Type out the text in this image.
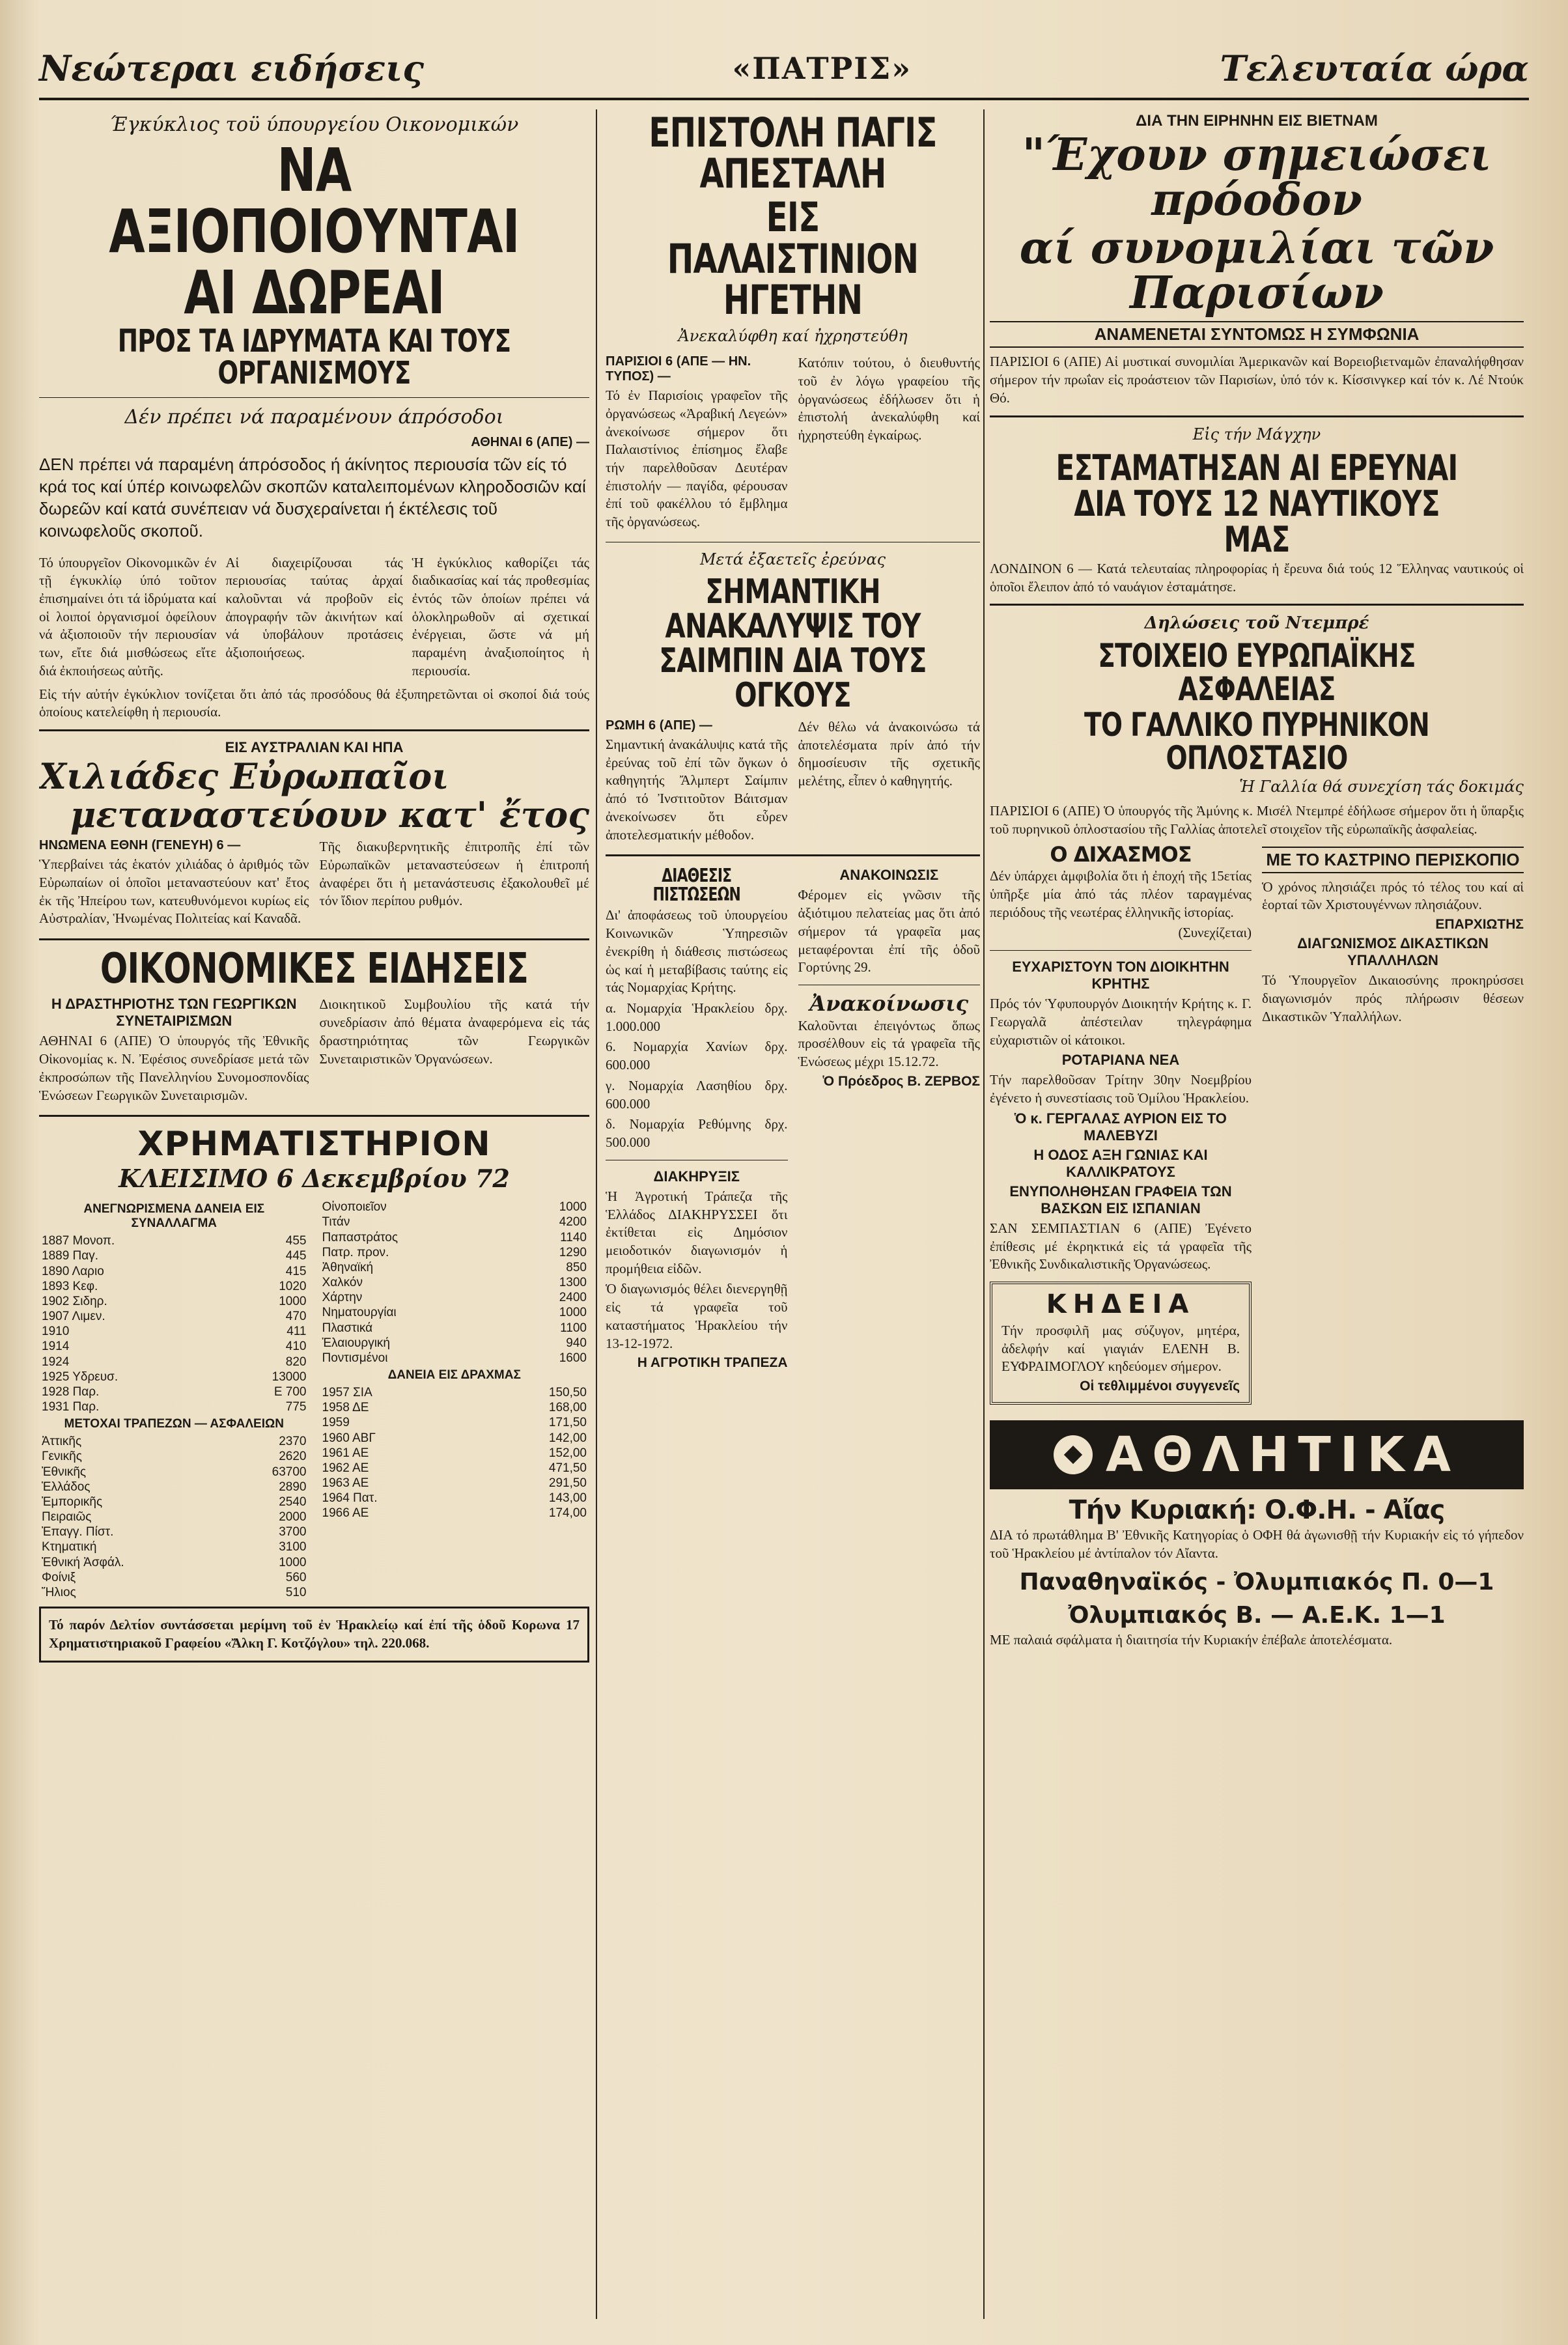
Νεώτεραι ειδήσεις	«ΠΑΤΡΙΣ»	Τελευταία ώρα
Έγκύκλιος τοϋ ύπουργείου Οικονομικών
ΝΑ ΑΞΙΟΠΟΙΟΥΝΤΑΙ ΑΙ ΔΩΡΕΑΙ
ΠΡΟΣ ΤΑ ΙΔΡΥΜΑΤΑ ΚΑΙ ΤΟΥΣ ΟΡΓΑΝΙΣΜΟΥΣ
Δέν πρέπει νά παραμένουν άπρόσοδοι
ΑΘΗΝΑΙ 6 (ΑΠΕ) —
ΔΕΝ πρέπει νά παραμένη άπρόσοδος ή άκίνητος περιουσία τῶν είς τό κρά τος καί ύπέρ κοινωφελῶν σκοπῶν καταλειπομένων κληροδοσιῶν καί δωρεῶν καί κατά συνέπειαν νά δυσχεραίνεται ή έκτέλεσις τοῦ κοινωφελοῦς σκοποῦ.
Τό ύπουργεῖον Οἰκονομικῶν έν τῇ έγκυκλίῳ ύπό τοῦτον ἐπισημαίνει ότι τά ἱδρύματα καί οἱ λοιποί ὀργανισμοί ὀφείλουν νά ἀξιοποιοῦν τήν περιουσίαν των, εἴτε διά μισθώσεως εἴτε διά ἐκποιήσεως αὐτῆς.
Αἱ διαχειρίζουσαι τάς περιουσίας ταύτας ἀρχαί καλοῦνται νά προβοῦν εἰς ἀπογραφήν τῶν ἀκινήτων καί νά ὑποβάλουν προτάσεις ἀξιοποιήσεως.
Ἡ ἐγκύκλιος καθορίζει τάς διαδικασίας καί τάς προθεσμίας ἐντός τῶν ὁποίων πρέπει νά ὁλοκληρωθοῦν αἱ σχετικαί ἐνέργειαι, ὥστε νά μή παραμένη ἀναξιοποίητος ἡ περιουσία.
Εἰς τήν αὐτήν ἐγκύκλιον τονίζεται ὅτι ἀπό τάς προσόδους θά ἐξυπηρετῶνται οἱ σκοποί διά τούς ὁποίους κατελείφθη ἡ περιουσία.
ΕΙΣ ΑΥΣΤΡΑΛΙΑΝ ΚΑΙ ΗΠΑ
Χιλιάδες Εὐρωπαῖοι
μεταναστεύουν κατ' ἔτος
ΗΝΩΜΕΝΑ ΕΘΝΗ (ΓΕΝΕΥΗ) 6 —
Ὑπερβαίνει τάς ἑκατόν χιλιάδας ὁ ἀριθμός τῶν Εὐρωπαίων οἱ ὁποῖοι μεταναστεύουν κατ' ἔτος ἐκ τῆς Ἠπείρου των, κατευθυνόμενοι κυρίως εἰς Αὐστραλίαν, Ἡνωμένας Πολιτείας καί Καναδᾶ.
Τῆς διακυβερνητικῆς ἐπιτροπῆς ἐπί τῶν Εὐρωπαϊκῶν μεταναστεύσεων ἡ ἐπιτροπή ἀναφέρει ὅτι ἡ μετανάστευσις ἐξακολουθεῖ μέ τόν ἴδιον περίπου ρυθμόν.
ΟΙΚΟΝΟΜΙΚΕΣ ΕΙΔΗΣΕΙΣ
Η ΔΡΑΣΤΗΡΙΟΤΗΣ ΤΩΝ ΓΕΩΡΓΙΚΩΝ ΣΥΝΕΤΑΙΡΙΣΜΩΝ
ΑΘΗΝΑΙ 6 (ΑΠΕ) Ὁ ὑπουργός τῆς Ἐθνικῆς Οἰκονομίας κ. Ν. Ἐφέσιος συνεδρίασε μετά τῶν ἐκπροσώπων τῆς Πανελληνίου Συνομοσπονδίας Ἑνώσεων Γεωργικῶν Συνεταιρισμῶν.
Διοικητικοῦ Συμβουλίου τῆς κατά τήν συνεδρίασιν ἀπό θέματα ἀναφερόμενα εἰς τάς δραστηριότητας τῶν Γεωργικῶν Συνεταιριστικῶν Ὀργανώσεων.
ΧΡΗΜΑΤΙΣΤΗΡΙΟΝ
ΚΛΕΙΣΙΜΟ 6 Δεκεμβρίου 72
ΑΝΕΓΝΩΡΙΣΜΕΝΑ ΔΑΝΕΙΑ ΕΙΣ ΣΥΝΑΛΛΑΓΜΑ
1887 Μονοπ.	455
1889 Παγ.	445
1890 Λαριο	415
1893 Κεφ.	1020
1902 Σιδηρ.	1000
1907 Λιμεν.	470
1910	411
1914	410
1924	820
1925 Υδρευσ.	13000
1928 Παρ.	E 700
1931 Παρ.	775
ΜΕΤΟΧΑΙ ΤΡΑΠΕΖΩΝ — ΑΣΦΑΛΕΙΩΝ
Ἀττικῆς	2370
Γενικῆς	2620
Ἐθνικῆς	63700
Ἑλλάδος	2890
Ἐμπορικῆς	2540
Πειραιῶς	2000
Ἐπαγγ. Πίστ.	3700
Κτηματική	3100
Ἐθνική Ἀσφάλ.	1000
Φοίνιξ	560
Ἥλιος	510
Οἰνοποιεῖον	1000
Τιτάν	4200
Παπαστράτος	1140
Πατρ. προν.	1290
Ἀθηναϊκή	850
Χαλκόν	1300
Χάρτην	2400
Νηματουργίαι	1000
Πλαστικά	1100
Ἐλαιουργική	940
Ποντισμένοι	1600
ΔΑΝΕΙΑ ΕΙΣ ΔΡΑΧΜΑΣ
1957 ΣΙΑ	150,50
1958 ΔΕ	168,00
1959	171,50
1960 ΑΒΓ	142,00
1961 ΑΕ	152,00
1962 ΑΕ	471,50
1963 ΑΕ	291,50
1964 Πατ.	143,00
1966 ΑΕ	174,00
Τό παρόν Δελτίον συντάσσεται μερίμνη τοῦ ἐν Ἡρακλείῳ καί ἐπί τῆς ὁδοῦ Κορωνα 17 Χρηματιστηριακοῦ Γραφείου «Ἄλκη Γ. Κοτζόγλου» τηλ. 220.068.
ΕΠΙΣΤΟΛΗ ΠΑΓΙΣ ΑΠΕΣΤΑΛΗ
ΕΙΣ ΠΑΛΑΙΣΤΙΝΙΟΝ ΗΓΕΤΗΝ
Ἀνεκαλύφθη καί ἠχρηστεύθη
ΠΑΡΙΣΙΟΙ 6 (ΑΠΕ — ΗΝ. ΤΥΠΟΣ) —
Τό ἐν Παρισίοις γραφεῖον τῆς ὀργανώσεως «Ἀραβική Λεγεών» ἀνεκοίνωσε σήμερον ὅτι Παλαιστίνιος ἐπίσημος ἔλαβε τήν παρελθοῦσαν Δευτέραν ἐπιστολήν — παγίδα, φέρουσαν ἐπί τοῦ φακέλλου τό ἔμβλημα τῆς ὀργανώσεως.
Κατόπιν τούτου, ὁ διευθυντής τοῦ ἐν λόγω γραφείου τῆς ὀργανώσεως ἐδήλωσεν ὅτι ἡ ἐπιστολή ἀνεκαλύφθη καί ἠχρηστεύθη ἐγκαίρως.
Μετά ἐξαετεῖς ἐρεύνας
ΣΗΜΑΝΤΙΚΗ ΑΝΑΚΑΛΥΨΙΣ ΤΟΥ ΣΑΙΜΠΙΝ ΔΙΑ ΤΟΥΣ ΟΓΚΟΥΣ
ΡΩΜΗ 6 (ΑΠΕ) —
Σημαντική ἀνακάλυψις κατά τῆς ἐρεύνας τοῦ ἐπί τῶν ὄγκων ὁ καθηγητής Ἄλμπερτ Σαίμπιν ἀπό τό Ἰνστιτοῦτον Βάιτσμαν ἀνεκοίνωσεν ὅτι εὗρεν ἀποτελεσματικήν μέθοδον.
Δέν θέλω νά ἀνακοινώσω τά ἀποτελέσματα πρίν ἀπό τήν δημοσίευσιν τῆς σχετικῆς μελέτης, εἶπεν ὁ καθηγητής.
ΔΙΑΘΕΣΙΣ ΠΙΣΤΩΣΕΩΝ
Δι' ἀποφάσεως τοῦ ὑπουργείου Κοινωνικῶν Ὑπηρεσιῶν ἐνεκρίθη ἡ διάθεσις πιστώσεως ὡς καί ἡ μεταβίβασις ταύτης εἰς τάς Νομαρχίας Κρήτης.
α. Νομαρχία Ἡρακλείου δρχ. 1.000.000
6. Νομαρχία Χανίων δρχ. 600.000
γ. Νομαρχία Λασηθίου δρχ. 600.000
δ. Νομαρχία Ρεθύμνης δρχ. 500.000
ΔΙΑΚΗΡΥΞΙΣ
Ἡ Ἀγροτική Τράπεζα τῆς Ἑλλάδος ΔΙΑΚΗΡΥΣΣΕΙ ὅτι ἐκτίθεται εἰς Δημόσιον μειοδοτικόν διαγωνισμόν ἡ προμήθεια εἰδῶν.
Ὁ διαγωνισμός θέλει διενεργηθῇ εἰς τά γραφεῖα τοῦ καταστήματος Ἡρακλείου τήν 13-12-1972.
Η ΑΓΡΟΤΙΚΗ ΤΡΑΠΕΖΑ
ΑΝΑΚΟΙΝΩΣΙΣ
Φέρομεν εἰς γνῶσιν τῆς ἀξιότιμου πελατείας μας ὅτι ἀπό σήμερον τά γραφεῖα μας μεταφέρονται ἐπί τῆς ὁδοῦ Γορτύνης 29.
Ἀνακοίνωσις
Καλοῦνται ἐπειγόντως ὅπως προσέλθουν εἰς τά γραφεῖα τῆς Ἑνώσεως μέχρι 15.12.72.
Ὁ Πρόεδρος Β. ΖΕΡΒΟΣ
ΔΙΑ ΤΗΝ ΕΙΡΗΝΗΝ ΕΙΣ ΒΙΕΤΝΑΜ
"Έχουν σημειώσει πρόοδον
αί συνομιλίαι τῶν Παρισίων
ΑΝΑΜΕΝΕΤΑΙ ΣΥΝΤΟΜΩΣ Η ΣΥΜΦΩΝΙΑ
ΠΑΡΙΣΙΟΙ 6 (ΑΠΕ) Αἱ μυστικαί συνομιλίαι Ἀμερικανῶν καί Βορειοβιετναμῶν ἐπαναλήφθησαν σήμερον τήν πρωΐαν εἰς προάστειον τῶν Παρισίων, ὑπό τόν κ. Κίσσινγκερ καί τόν κ. Λέ Ντούκ Θό.
Εἰς τήν Μάγχην
ΕΣΤΑΜΑΤΗΣΑΝ ΑΙ ΕΡΕΥΝΑΙ ΔΙΑ ΤΟΥΣ 12 ΝΑΥΤΙΚΟΥΣ ΜΑΣ
ΛΟΝΔΙΝΟΝ 6 — Κατά τελευταίας πληροφορίας ἡ ἔρευνα διά τούς 12 Ἕλληνας ναυτικούς οἱ ὁποῖοι ἔλειπον ἀπό τό ναυάγιον ἐσταμάτησε.
Δηλώσεις τοῦ Ντεμπρέ
ΣΤΟΙΧΕΙΟ ΕΥΡΩΠΑΪΚΗΣ ΑΣΦΑΛΕΙΑΣ
ΤΟ ΓΑΛΛΙΚΟ ΠΥΡΗΝΙΚΟΝ ΟΠΛΟΣΤΑΣΙΟ
Ἡ Γαλλία θά συνεχίση τάς δοκιμάς
ΠΑΡΙΣΙΟΙ 6 (ΑΠΕ) Ὁ ὑπουργός τῆς Ἀμύνης κ. Μισέλ Ντεμπρέ ἐδήλωσε σήμερον ὅτι ἡ ὕπαρξις τοῦ πυρηνικοῦ ὁπλοστασίου τῆς Γαλλίας ἀποτελεῖ στοιχεῖον τῆς εὐρωπαϊκῆς ἀσφαλείας.
Ο ΔΙΧΑΣΜΟΣ
Δέν ὑπάρχει ἀμφιβολία ὅτι ἡ ἐποχή τῆς 15ετίας ὑπῆρξε μία ἀπό τάς πλέον ταραγμένας περιόδους τῆς νεωτέρας ἑλληνικῆς ἱστορίας.
(Συνεχίζεται)
ΕΥΧΑΡΙΣΤΟΥΝ ΤΟΝ ΔΙΟΙΚΗΤΗΝ ΚΡΗΤΗΣ
Πρός τόν Ὑφυπουργόν Διοικητήν Κρήτης κ. Γ. Γεωργαλᾶ ἀπέστειλαν τηλεγράφημα εὐχαριστιῶν οἱ κάτοικοι.
ΡΟΤΑΡΙΑΝΑ ΝΕΑ
Τήν παρελθοῦσαν Τρίτην 30ην Νοεμβρίου ἐγένετο ἡ συνεστίασις τοῦ Ὁμίλου Ἡρακλείου.
Ὁ κ. ΓΕΡΓΑΛΑΣ ΑΥΡΙΟΝ ΕΙΣ ΤΟ ΜΑΛΕΒΥΖΙ
Η ΟΔΟΣ ΑΞΗ ΓΩΝΙΑΣ ΚΑΙ ΚΑΛΛΙΚΡΑΤΟΥΣ
ΕΝΥΠΟΛΗΘΗΣΑΝ ΓΡΑΦΕΙΑ ΤΩΝ ΒΑΣΚΩΝ ΕΙΣ ΙΣΠΑΝΙΑΝ
ΣΑΝ ΣΕΜΠΑΣΤΙΑΝ 6 (ΑΠΕ) Ἐγένετο ἐπίθεσις μέ ἐκρηκτικά εἰς τά γραφεῖα τῆς Ἐθνικῆς Συνδικαλιστικῆς Ὀργανώσεως.
ΚΗΔΕΙΑ
Τήν προσφιλῆ μας σύζυγον, μητέρα, ἀδελφήν καί γιαγιάν ΕΛΕΝΗ Β. ΕΥΦΡΑΙΜΟΓΛΟΥ κηδεύομεν σήμερον.
Οἱ τεθλιμμένοι συγγενεῖς
ΜΕ ΤΟ ΚΑΣΤΡΙΝΟ ΠΕΡΙΣΚΟΠΙΟ
Ὁ χρόνος πλησιάζει πρός τό τέλος του καί αἱ ἑορταί τῶν Χριστουγέννων πλησιάζουν.
ΕΠΑΡΧΙΩΤΗΣ
ΔΙΑΓΩΝΙΣΜΟΣ ΔΙΚΑΣΤΙΚΩΝ ΥΠΑΛΛΗΛΩΝ
Τό Ὑπουργεῖον Δικαιοσύνης προκηρύσσει διαγωνισμόν πρός πλήρωσιν θέσεων Δικαστικῶν Ὑπαλλήλων.
ΑΘΛΗΤΙΚΑ
Τήν Κυριακή: Ο.Φ.Η. - Αἴας
ΔΙΑ τό πρωτάθλημα Β' Ἐθνικῆς Κατηγορίας ὁ ΟΦΗ θά ἀγωνισθῇ τήν Κυριακήν εἰς τό γήπεδον τοῦ Ἡρακλείου μέ ἀντίπαλον τόν Αἴαντα.
Παναθηναϊκός - Ὀλυμπιακός Π. 0—1
Ὀλυμπιακός Β. — Α.Ε.Κ. 1—1
ΜΕ παλαιά σφάλματα ἡ διαιτησία τήν Κυριακήν ἐπέβαλε ἀποτελέσματα.
